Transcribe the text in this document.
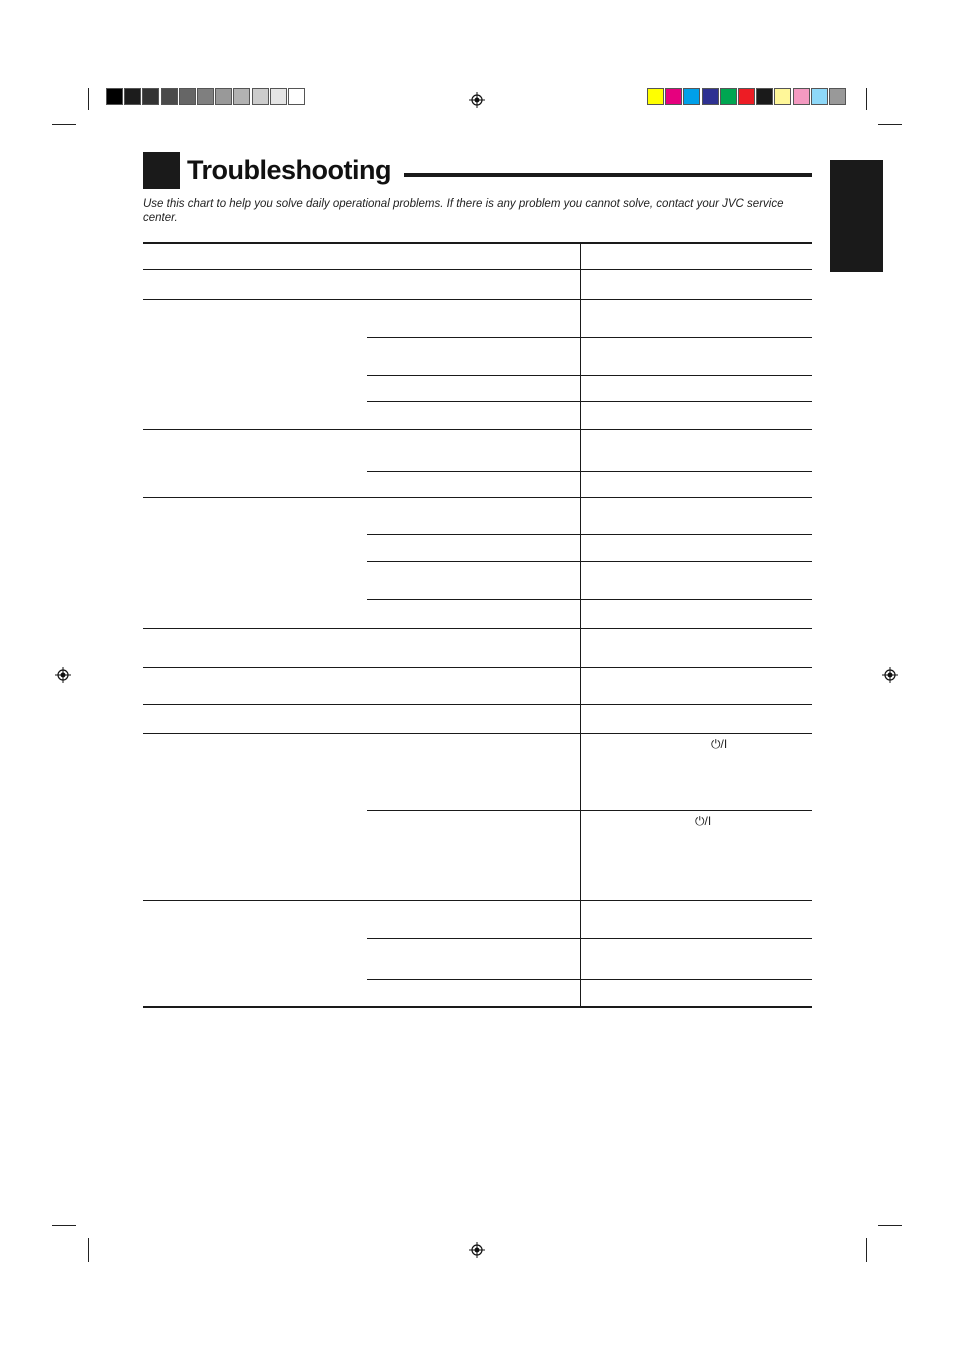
Troubleshooting
Use this chart to help you solve daily operational problems. If there is any problem you cannot solve, contact your JVC service center.
⏻/I
⏻/I
